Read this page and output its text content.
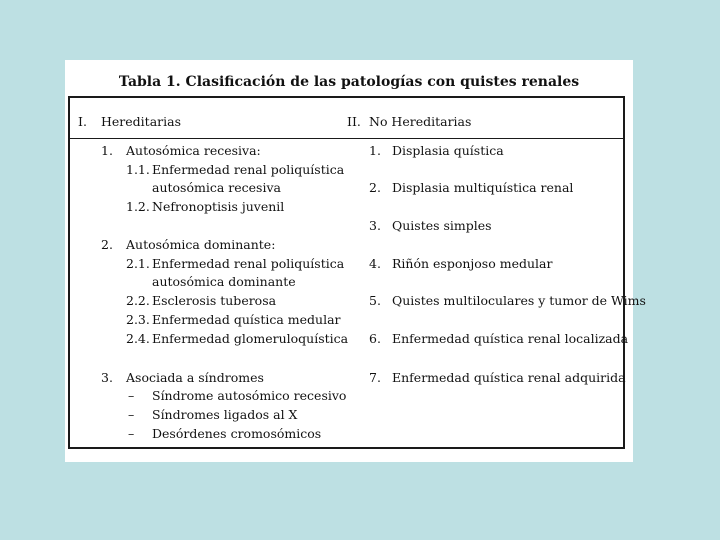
Tabla 1. Clasificación de las patologías con quistes renales
I. Hereditarias	II. No Hereditarias
1. Autosómica recesiva:
1.1. Enfermedad renal poliquística
autosómica recesiva
1.2. Nefronoptisis juvenil
2. Autosómica dominante:
2.1. Enfermedad renal poliquística
autosómica dominante
2.2. Esclerosis tuberosa
2.3. Enfermedad quística medular
2.4. Enfermedad glomeruloquística
3. Asociada a síndromes
– Síndrome autosómico recesivo
– Síndromes ligados al X
– Desórdenes cromosómicos
1. Displasia quística
2. Displasia multiquística renal
3. Quistes simples
4. Riñón esponjoso medular
5. Quistes multiloculares y tumor de Wims
6. Enfermedad quística renal localizada
7. Enfermedad quística renal adquirida
